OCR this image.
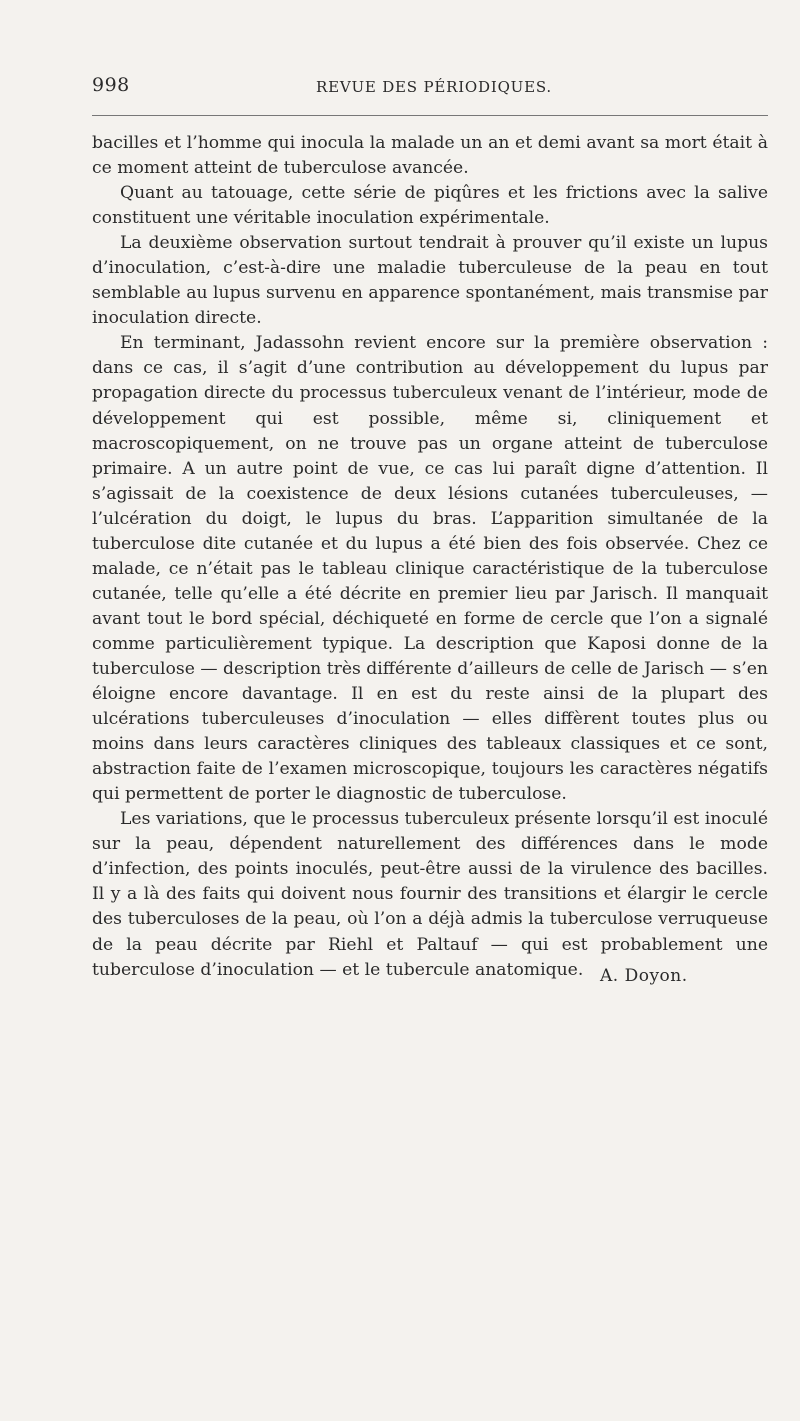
998	REVUE DES PÉRIODIQUES.

bacilles et l’homme qui inocula la malade un an et demi avant sa mort était à ce moment atteint de tuberculose avancée.

Quant au tatouage, cette série de piqûres et les frictions avec la salive constituent une véritable inoculation expérimentale.

La deuxième observation surtout tendrait à prouver qu’il existe un lupus d’inoculation, c’est-à-dire une maladie tuberculeuse de la peau en tout semblable au lupus survenu en apparence spontanément, mais transmise par inoculation directe.

En terminant, Jadassohn revient encore sur la première observation : dans ce cas, il s’agit d’une contribution au développement du lupus par propagation directe du processus tuberculeux venant de l’intérieur, mode de développement qui est possible, même si, cliniquement et macroscopiquement, on ne trouve pas un organe atteint de tuberculose primaire. A un autre point de vue, ce cas lui paraît digne d’attention. Il s’agissait de la coexistence de deux lésions cutanées tuberculeuses, — l’ulcération du doigt, le lupus du bras. L’apparition simultanée de la tuberculose dite cutanée et du lupus a été bien des fois observée. Chez ce malade, ce n’était pas le tableau clinique caractéristique de la tuberculose cutanée, telle qu’elle a été décrite en premier lieu par Jarisch. Il manquait avant tout le bord spécial, déchiqueté en forme de cercle que l’on a signalé comme particulièrement typique. La description que Kaposi donne de la tuberculose — description très différente d’ailleurs de celle de Jarisch — s’en éloigne encore davantage. Il en est du reste ainsi de la plupart des ulcérations tuberculeuses d’inoculation — elles diffèrent toutes plus ou moins dans leurs caractères cliniques des tableaux classiques et ce sont, abstraction faite de l’examen microscopique, toujours les caractères négatifs qui permettent de porter le diagnostic de tuberculose.

Les variations, que le processus tuberculeux présente lorsqu’il est inoculé sur la peau, dépendent naturellement des différences dans le mode d’infection, des points inoculés, peut-être aussi de la virulence des bacilles. Il y a là des faits qui doivent nous fournir des transitions et élargir le cercle des tuberculoses de la peau, où l’on a déjà admis la tuberculose verruqueuse de la peau décrite par Riehl et Paltauf — qui est probablement une tuberculose d’inoculation — et le tubercule anatomique. A. Doyon.
